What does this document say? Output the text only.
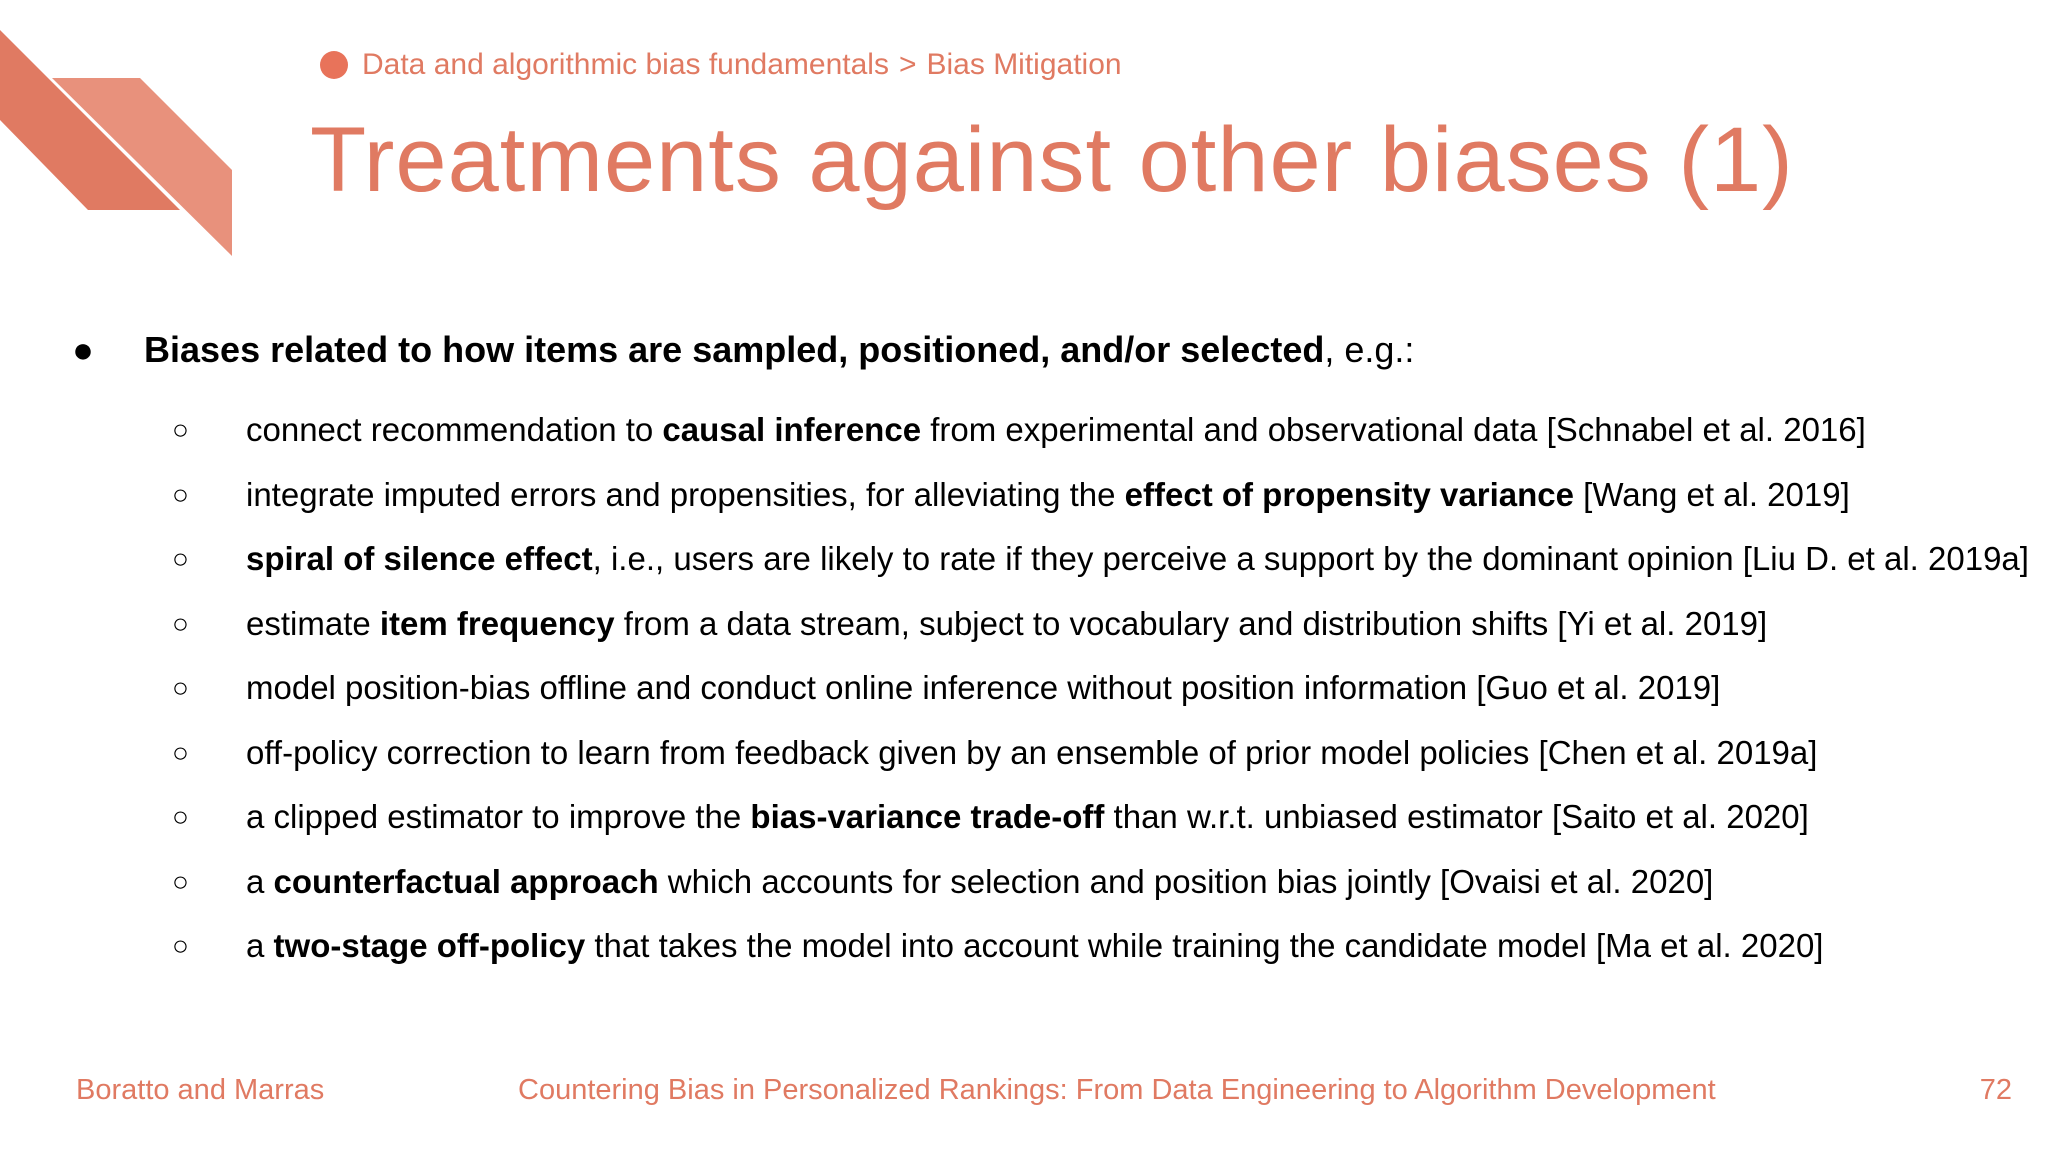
Data and algorithmic bias fundamentals > Bias Mitigation
Treatments against other biases (1)
● Biases related to how items are sampled, positioned, and/or selected, e.g.:
○ connect recommendation to causal inference from experimental and observational data [Schnabel et al. 2016]
○ integrate imputed errors and propensities, for alleviating the effect of propensity variance [Wang et al. 2019]
○ spiral of silence effect, i.e., users are likely to rate if they perceive a support by the dominant opinion [Liu D. et al. 2019a]
○ estimate item frequency from a data stream, subject to vocabulary and distribution shifts [Yi et al. 2019]
○ model position-bias offline and conduct online inference without position information [Guo et al. 2019]
○ off-policy correction to learn from feedback given by an ensemble of prior model policies [Chen et al. 2019a]
○ a clipped estimator to improve the bias-variance trade-off than w.r.t. unbiased estimator [Saito et al. 2020]
○ a counterfactual approach which accounts for selection and position bias jointly [Ovaisi et al. 2020]
○ a two-stage off-policy that takes the model into account while training the candidate model [Ma et al. 2020]
Boratto and Marras	Countering Bias in Personalized Rankings: From Data Engineering to Algorithm Development	72
